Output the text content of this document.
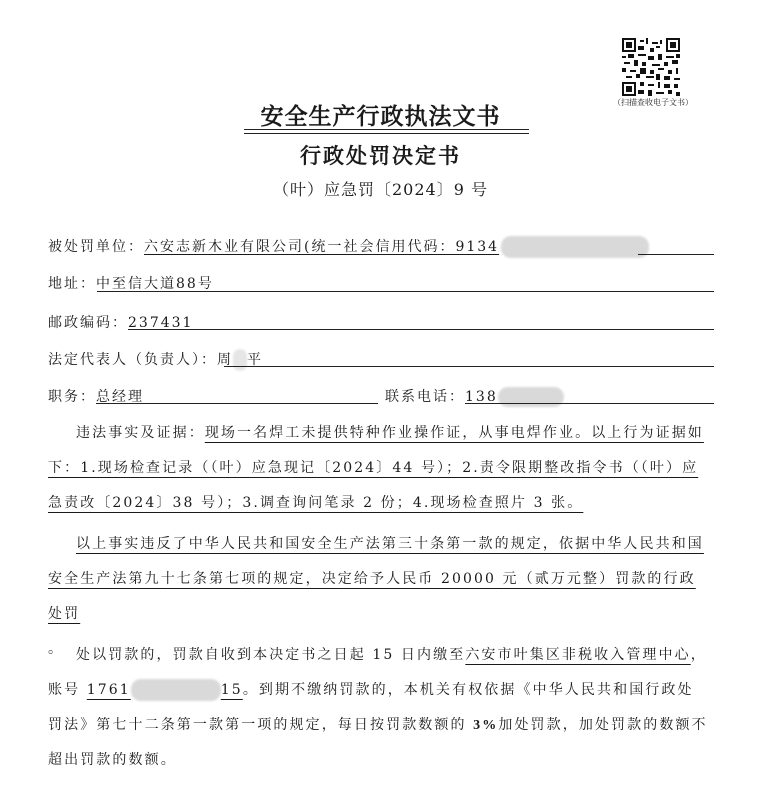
（扫描查收电子文书）
安全生产行政执法文书
行政处罚决定书
（叶）应急罚〔2024〕9 号
被处罚单位：六安志新木业有限公司(统一社会信用代码：9134
地址：中至信大道88号
邮政编码：237431
法定代表人（负责人）：周 平
职务：总经理	联系电话：138

违法事实及证据：现场一名焊工未提供特种作业操作证，从事电焊作业。以上行为证据如下：1.现场检查记录（（叶）应急现记〔2024〕44 号）；2.责令限期整改指令书（（叶）应急责改〔2024〕38 号）；3.调查询问笔录 2 份；4.现场检查照片 3 张。

以上事实违反了中华人民共和国安全生产法第三十条第一款的规定，依据中华人民共和国安全生产法第九十七条第七项的规定，决定给予人民币 20000 元（贰万元整）罚款的行政处罚

。 处以罚款的，罚款自收到本决定书之日起 15 日内缴至六安市叶集区非税收入管理中心，账号 1761	15。到期不缴纳罚款的，本机关有权依据《中华人民共和国行政处罚法》第七十二条第一款第一项的规定，每日按罚款数额的 3%加处罚款，加处罚款的数额不超出罚款的数额。
